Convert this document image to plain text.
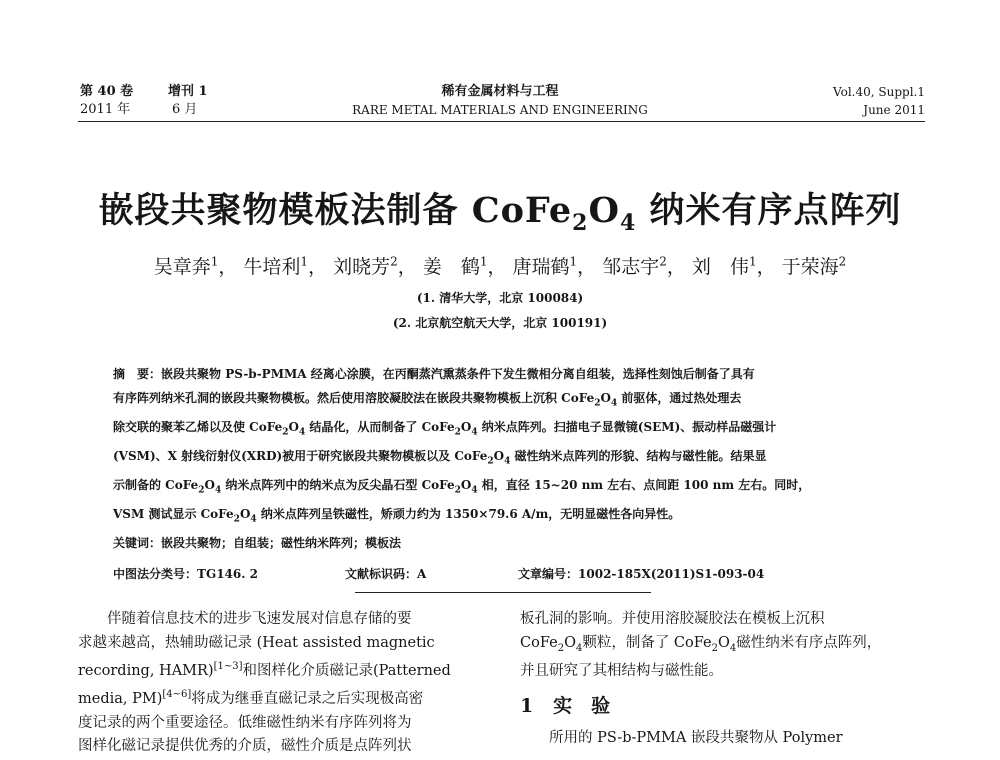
第 40 卷	增刊 1
2011 年	6 月
稀有金属材料与工程
RARE METAL MATERIALS AND ENGINEERING
Vol.40, Suppl.1
June 2011
嵌段共聚物模板法制备 $CoFe_2O_4$ 纳米有序点阵列
吴章奔$^1$， 牛培利$^1$， 刘晓芳$^2$， 姜　鹤$^1$， 唐瑞鹤$^1$， 邹志宇$^2$， 刘　伟$^1$， 于荣海$^2$
(1. 清华大学，北京 100084)
(2. 北京航空航天大学，北京 100191)
摘　要：嵌段共聚物 PS-b-PMMA 经离心涂膜，在丙酮蒸汽熏蒸条件下发生微相分离自组装，选择性刻蚀后制备了具有
有序阵列纳米孔洞的嵌段共聚物模板。然后使用溶胶凝胶法在嵌段共聚物模板上沉积 $CoFe_2O_4$ 前驱体，通过热处理去
除交联的聚苯乙烯以及使 $CoFe_2O_4$ 结晶化，从而制备了 $CoFe_2O_4$ 纳米点阵列。扫描电子显微镜(SEM)、振动样品磁强计
(VSM)、X 射线衍射仪(XRD)被用于研究嵌段共聚物模板以及 $CoFe_2O_4$ 磁性纳米点阵列的形貌、结构与磁性能。结果显
示制备的 $CoFe_2O_4$ 纳米点阵列中的纳米点为反尖晶石型 $CoFe_2O_4$ 相，直径 15~20 nm 左右、点间距 100 nm 左右。同时，
VSM 测试显示 $CoFe_2O_4$ 纳米点阵列呈铁磁性，矫顽力约为 1350×79.6 A/m，无明显磁性各向异性。
关键词：嵌段共聚物；自组装；磁性纳米阵列；模板法
中图法分类号：TG146. 2	文献标识码：A	文章编号：1002-185X(2011)S1-093-04
伴随着信息技术的进步飞速发展对信息存储的要
求越来越高，热辅助磁记录 (Heat assisted magnetic
recording, HAMR)[1~3]和图样化介质磁记录(Patterned
media, PM)[4~6]将成为继垂直磁记录之后实现极高密
度记录的两个重要途径。低维磁性纳米有序阵列将为
图样化磁记录提供优秀的介质，磁性介质是点阵列状
板孔洞的影响。并使用溶胶凝胶法在模板上沉积
$CoFe_2O_4$颗粒，制备了 $CoFe_2O_4$磁性纳米有序点阵列，
并且研究了其相结构与磁性能。
1 实　验
所用的 PS-b-PMMA 嵌段共聚物从 Polymer
